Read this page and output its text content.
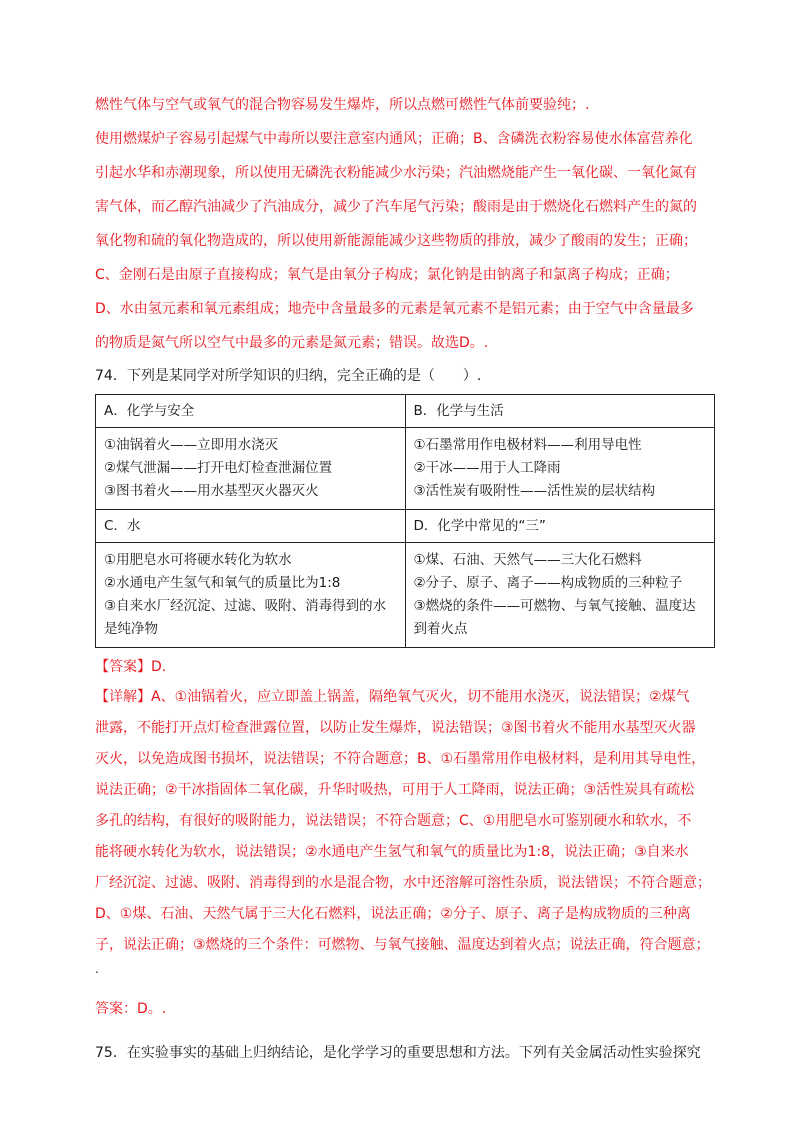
燃性气体与空气或氧气的混合物容易发生爆炸，所以点燃可燃性气体前要验纯；.

使用燃煤炉子容易引起煤气中毒所以要注意室内通风；正确；B、含磷洗衣粉容易使水体富营养化

引起水华和赤潮现象，所以使用无磷洗衣粉能减少水污染；汽油燃烧能产生一氧化碳、一氧化氮有

害气体，而乙醇汽油减少了汽油成分，减少了汽车尾气污染；酸雨是由于燃烧化石燃料产生的氮的

氧化物和硫的氧化物造成的，所以使用新能源能减少这些物质的排放，减少了酸雨的发生；正确；

C、金刚石是由原子直接构成；氧气是由氧分子构成；氯化钠是由钠离子和氯离子构成；正确；

D、水由氢元素和氧元素组成；地壳中含量最多的元素是氧元素不是铝元素；由于空气中含量最多

的物质是氮气所以空气中最多的元素是氮元素；错误。故选D。.

74．下列是某同学对所学知识的归纳，完全正确的是（　　）.
A．化学与安全	B．化学与生活

①油锅着火——立即用水浇灭
②煤气泄漏——打开电灯检查泄漏位置
③图书着火——用水基型灭火器灭火	①石墨常用作电极材料——利用导电性
②干冰——用于人工降雨
③活性炭有吸附性——活性炭的层状结构

C．水	D．化学中常见的“三”

①用肥皂水可将硬水转化为软水
②水通电产生氢气和氧气的质量比为1:8
③自来水厂经沉淀、过滤、吸附、消毒得到的水是纯净物	①煤、石油、天然气——三大化石燃料
②分子、原子、离子——构成物质的三种粒子
③燃烧的条件——可燃物、与氧气接触、温度达到着火点
【答案】D.
【详解】A、①油锅着火，应立即盖上锅盖，隔绝氧气灭火，切不能用水浇灭，说法错误；②煤气
泄露，不能打开点灯检查泄露位置，以防止发生爆炸，说法错误；③图书着火不能用水基型灭火器
灭火，以免造成图书损坏，说法错误；不符合题意；B、①石墨常用作电极材料，是利用其导电性，
说法正确；②干冰指固体二氧化碳，升华时吸热，可用于人工降雨，说法正确；③活性炭具有疏松
多孔的结构，有很好的吸附能力，说法错误；不符合题意；C、①用肥皂水可鉴别硬水和软水，不
能将硬水转化为软水，说法错误；②水通电产生氢气和氧气的质量比为1:8，说法正确；③自来水
厂经沉淀、过滤、吸附、消毒得到的水是混合物，水中还溶解可溶性杂质，说法错误；不符合题意；
D、①煤、石油、天然气属于三大化石燃料，说法正确；②分子、原子、离子是构成物质的三种离
子，说法正确；③燃烧的三个条件：可燃物、与氧气接触、温度达到着火点；说法正确，符合题意；
.
答案：D。.
75．在实验事实的基础上归纳结论，是化学学习的重要思想和方法。下列有关金属活动性实验探究
